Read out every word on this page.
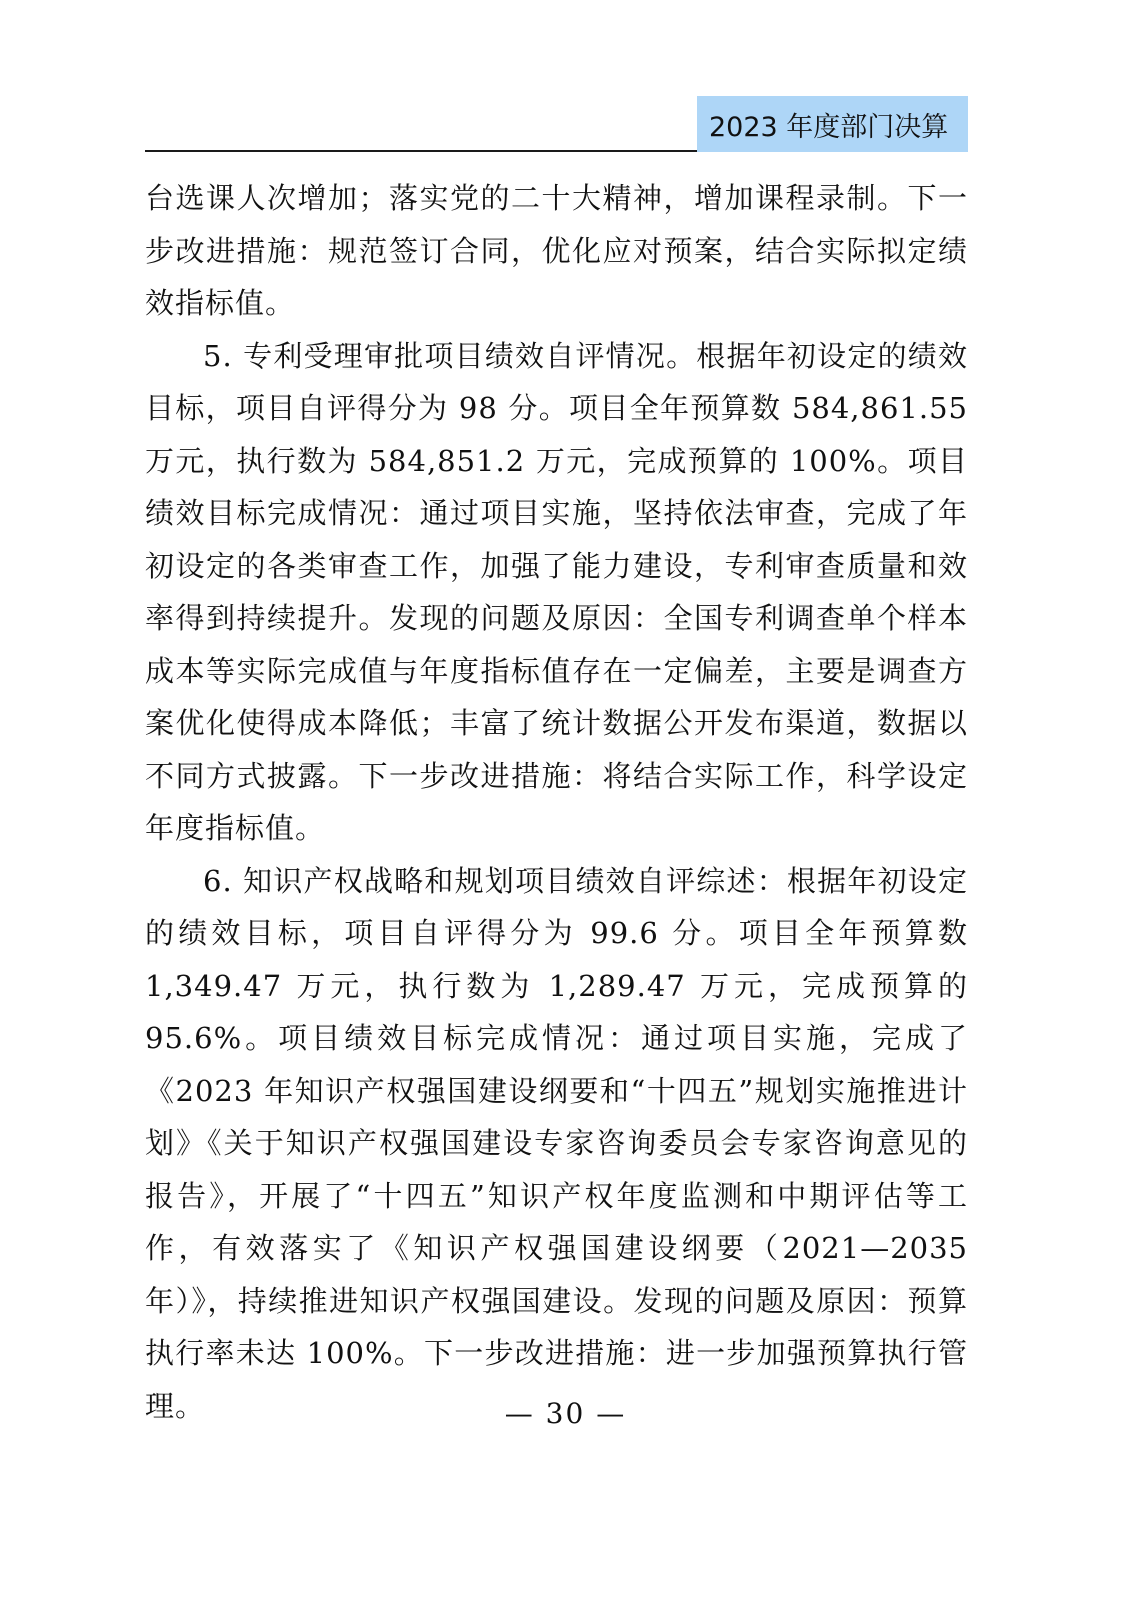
2023 年度部门决算

台选课人次增加；落实党的二十大精神，增加课程录制。下一步改进措施：规范签订合同，优化应对预案，结合实际拟定绩效指标值。

5. 专利受理审批项目绩效自评情况。根据年初设定的绩效目标，项目自评得分为 98 分。项目全年预算数 584,861.55 万元，执行数为 584,851.2 万元，完成预算的 100%。项目绩效目标完成情况：通过项目实施，坚持依法审查，完成了年初设定的各类审查工作，加强了能力建设，专利审查质量和效率得到持续提升。发现的问题及原因：全国专利调查单个样本成本等实际完成值与年度指标值存在一定偏差，主要是调查方案优化使得成本降低；丰富了统计数据公开发布渠道，数据以不同方式披露。下一步改进措施：将结合实际工作，科学设定年度指标值。

6. 知识产权战略和规划项目绩效自评综述：根据年初设定的绩效目标，项目自评得分为 99.6 分。项目全年预算数 1,349.47 万元，执行数为 1,289.47 万元，完成预算的 95.6%。项目绩效目标完成情况：通过项目实施，完成了《2023 年知识产权强国建设纲要和“十四五”规划实施推进计划》《关于知识产权强国建设专家咨询委员会专家咨询意见的报告》，开展了“十四五”知识产权年度监测和中期评估等工作，有效落实了《知识产权强国建设纲要（2021—2035 年）》，持续推进知识产权强国建设。发现的问题及原因：预算执行率未达 100%。下一步改进措施：进一步加强预算执行管理。	— 30 —
